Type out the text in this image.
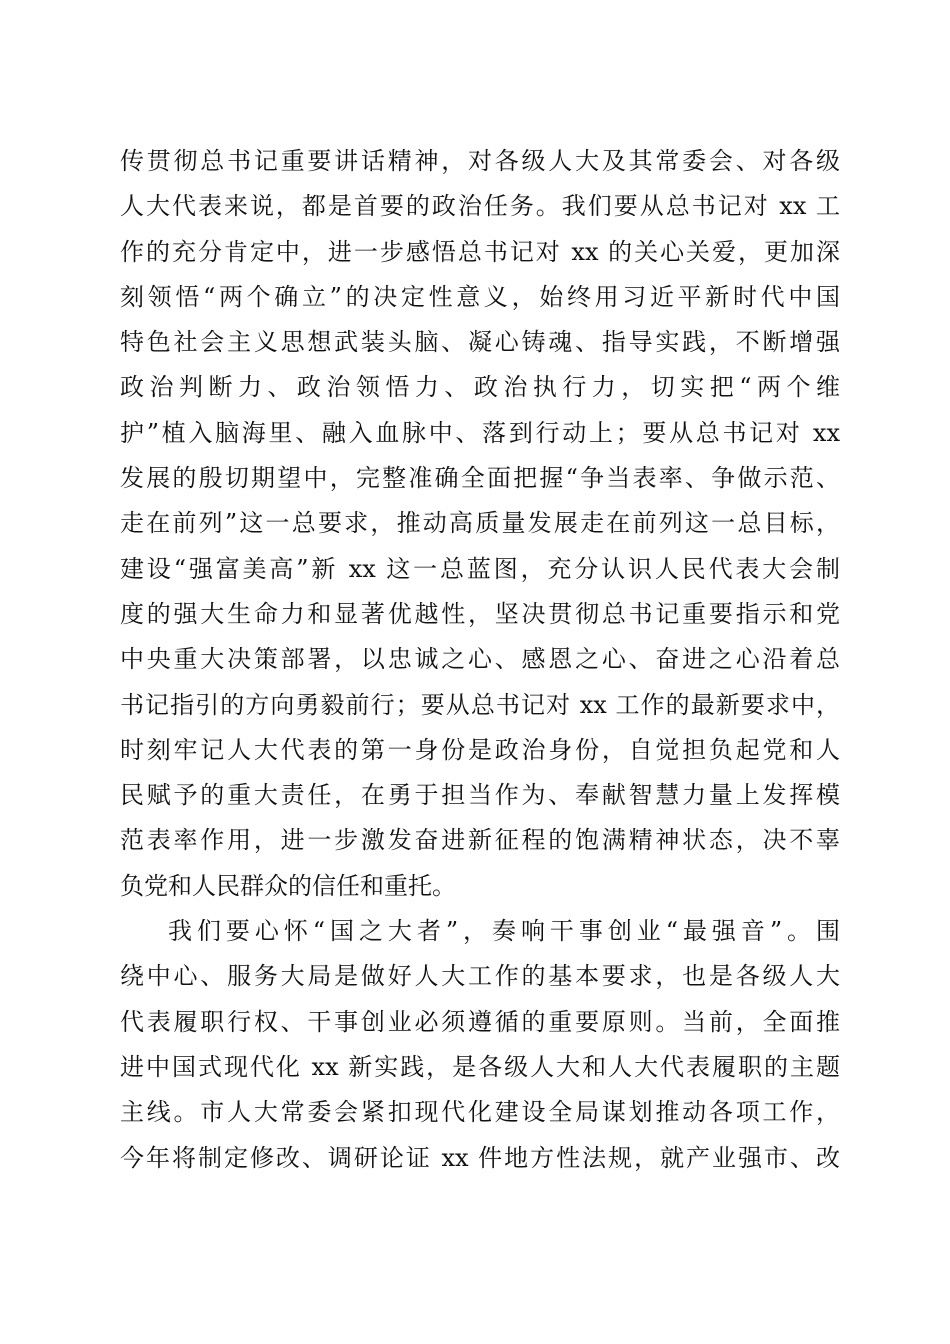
传贯彻总书记重要讲话精神，对各级人大及其常委会、对各级
人大代表来说，都是首要的政治任务。我们要从总书记对 xx 工
作的充分肯定中，进一步感悟总书记对 xx 的关心关爱，更加深
刻领悟“两个确立”的决定性意义，始终用习近平新时代中国
特色社会主义思想武装头脑、凝心铸魂、指导实践，不断增强
政治判断力、政治领悟力、政治执行力，切实把“两个维
护”植入脑海里、融入血脉中、落到行动上；要从总书记对 xx
发展的殷切期望中，完整准确全面把握“争当表率、争做示范、
走在前列”这一总要求，推动高质量发展走在前列这一总目标，
建设“强富美高”新 xx 这一总蓝图，充分认识人民代表大会制
度的强大生命力和显著优越性，坚决贯彻总书记重要指示和党
中央重大决策部署，以忠诚之心、感恩之心、奋进之心沿着总
书记指引的方向勇毅前行；要从总书记对 xx 工作的最新要求中，
时刻牢记人大代表的第一身份是政治身份，自觉担负起党和人
民赋予的重大责任，在勇于担当作为、奉献智慧力量上发挥模
范表率作用，进一步激发奋进新征程的饱满精神状态，决不辜
负党和人民群众的信任和重托。
我们要心怀“国之大者”，奏响干事创业“最强音”。围
绕中心、服务大局是做好人大工作的基本要求，也是各级人大
代表履职行权、干事创业必须遵循的重要原则。当前，全面推
进中国式现代化 xx 新实践，是各级人大和人大代表履职的主题
主线。市人大常委会紧扣现代化建设全局谋划推动各项工作，
今年将制定修改、调研论证 xx 件地方性法规，就产业强市、改
